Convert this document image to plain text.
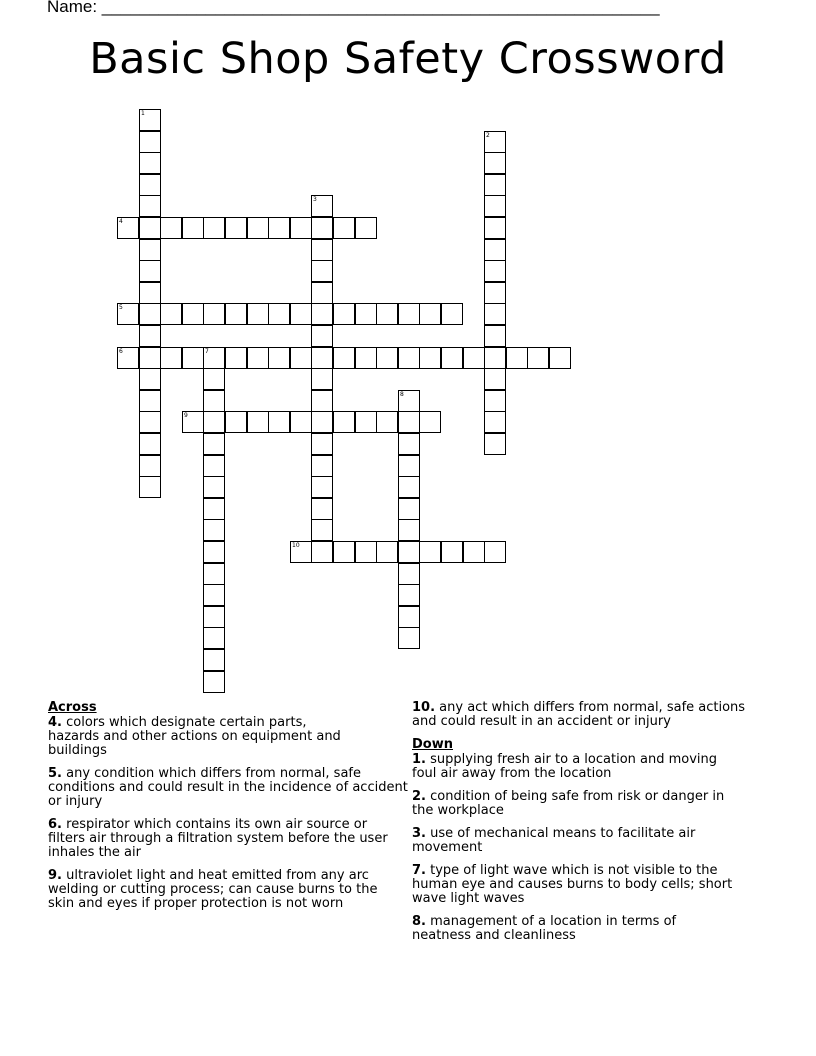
Name: ___________________________________________________________
Basic Shop Safety Crossword
1
2
3
4
5
6	7
8
9
10
Across
4. colors which designate certain parts, hazards and other actions on equipment and buildings
5. any condition which differs from normal, safe conditions and could result in the incidence of accident or injury
6. respirator which contains its own air source or filters air through a filtration system before the user inhales the air
9. ultraviolet light and heat emitted from any arc welding or cutting process; can cause burns to the skin and eyes if proper protection is not worn
10. any act which differs from normal, safe actions and could result in an accident or injury
Down
1. supplying fresh air to a location and moving foul air away from the location
2. condition of being safe from risk or danger in the workplace
3. use of mechanical means to facilitate air movement
7. type of light wave which is not visible to the human eye and causes burns to body cells; short wave light waves
8. management of a location in terms of neatness and cleanliness
